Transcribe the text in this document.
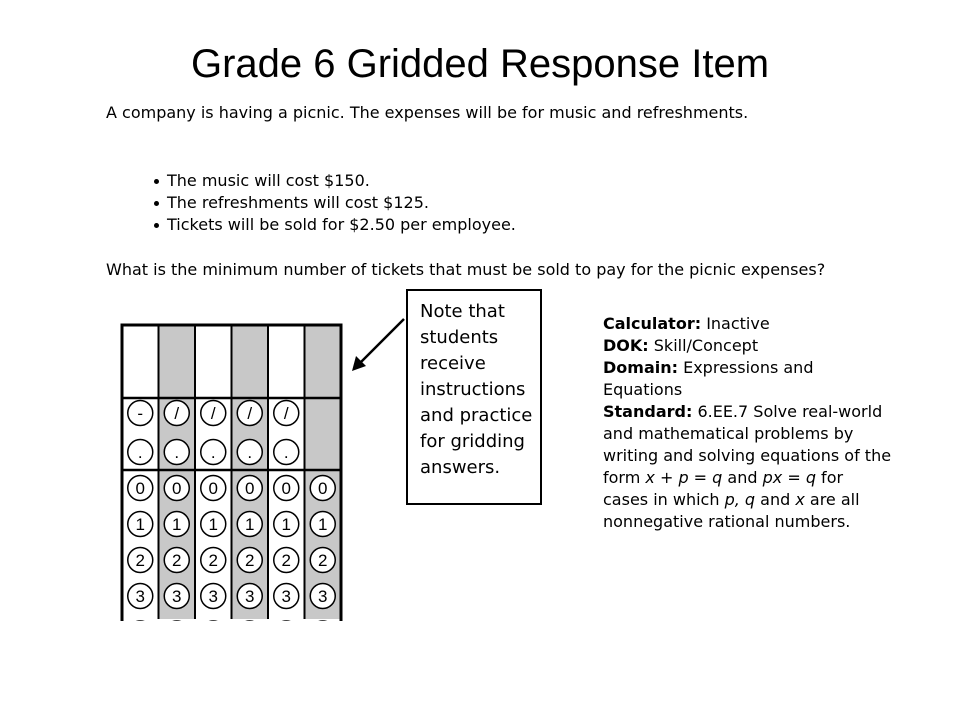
Grade 6 Gridded Response Item
A company is having a picnic. The expenses will be for music and refreshments.
The music will cost $150.
The refreshments will cost $125.
Tickets will be sold for $2.50 per employee.
What is the minimum number of tickets that must be sold to pay for the picnic expenses?
Note that students receive instructions and practice for gridding answers.
Calculator: Inactive
DOK: Skill/Concept
Domain: Expressions and Equations
Standard: 6.EE.7 Solve real-world and mathematical problems by writing and solving equations of the form x + p = q and px = q for cases in which p, q and x are all nonnegative rational numbers.
- / / / /
. . . . .
0 0 0 0 0 0
1 1 1 1 1 1
2 2 2 2 2 2
3 3 3 3 3 3
